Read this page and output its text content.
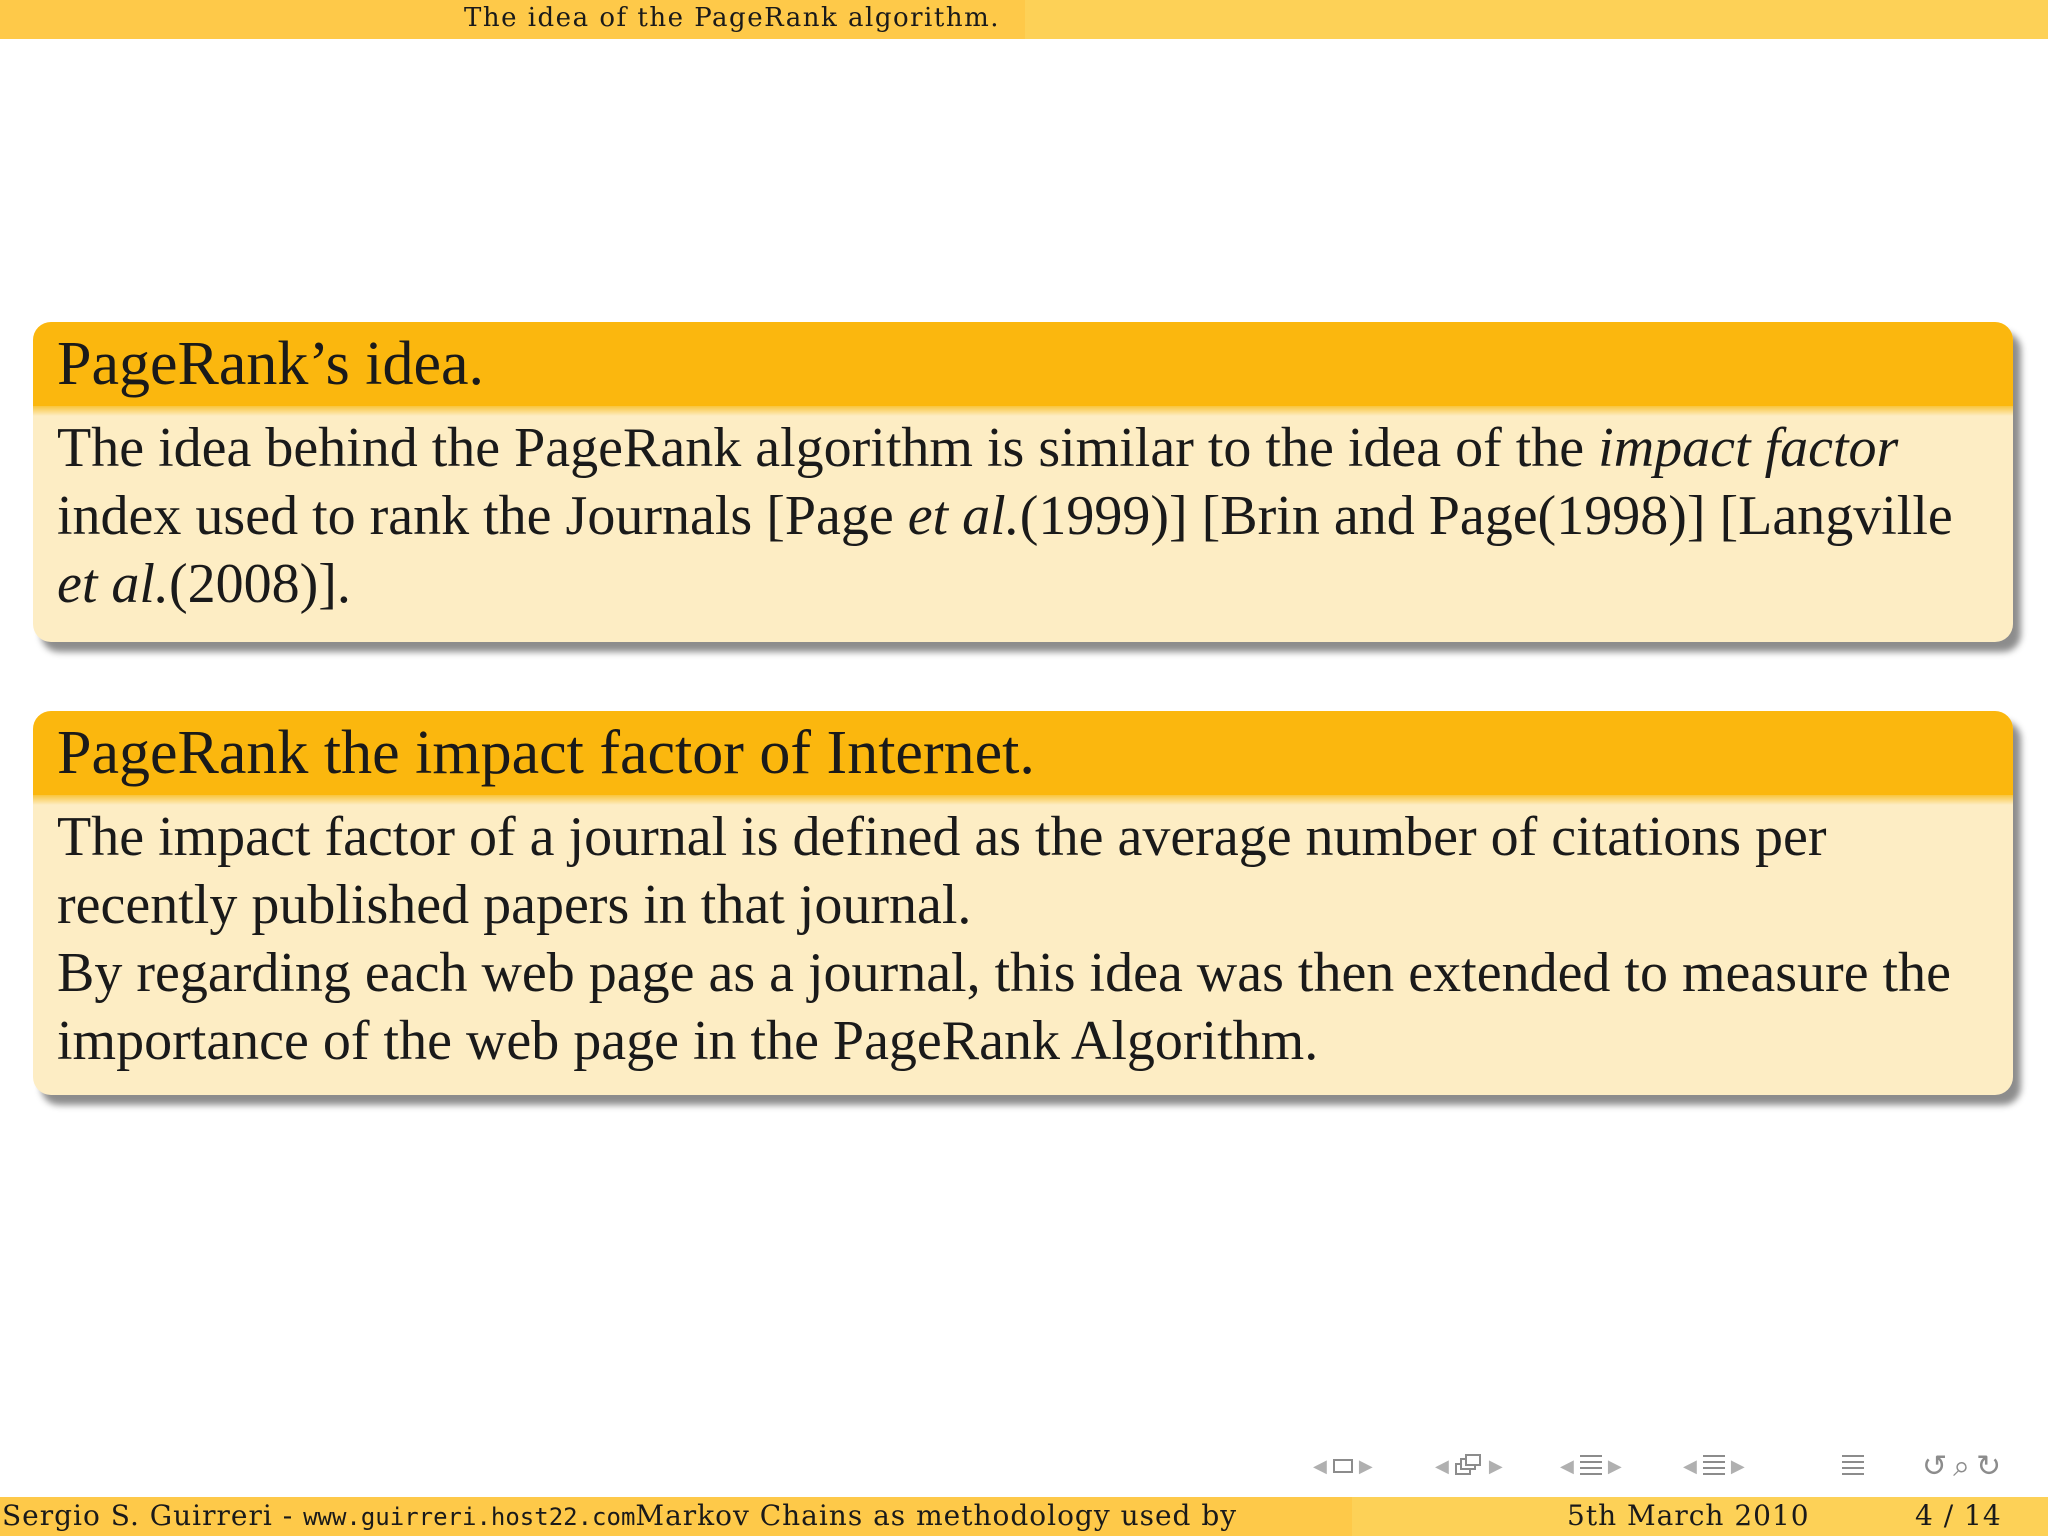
The idea of the PageRank algorithm.
PageRank’s idea.

The idea behind the PageRank algorithm is similar to the idea of the impact factor index used to rank the Journals [Page et al.(1999)] [Brin and Page(1998)] [Langville et al.(2008)].

PageRank the impact factor of Internet.

The impact factor of a journal is defined as the average number of citations per recently published papers in that journal.

By regarding each web page as a journal, this idea was then extended to measure the importance of the web page in the PageRank Algorithm.

◀ ▶	◀ ▶	◀ ▶	◀ ▶	↺ ⌕ ↻
Sergio S. Guirreri - www.guirreri.host22.comMarkov Chains as methodology used by	5th March 2010	4 / 14
